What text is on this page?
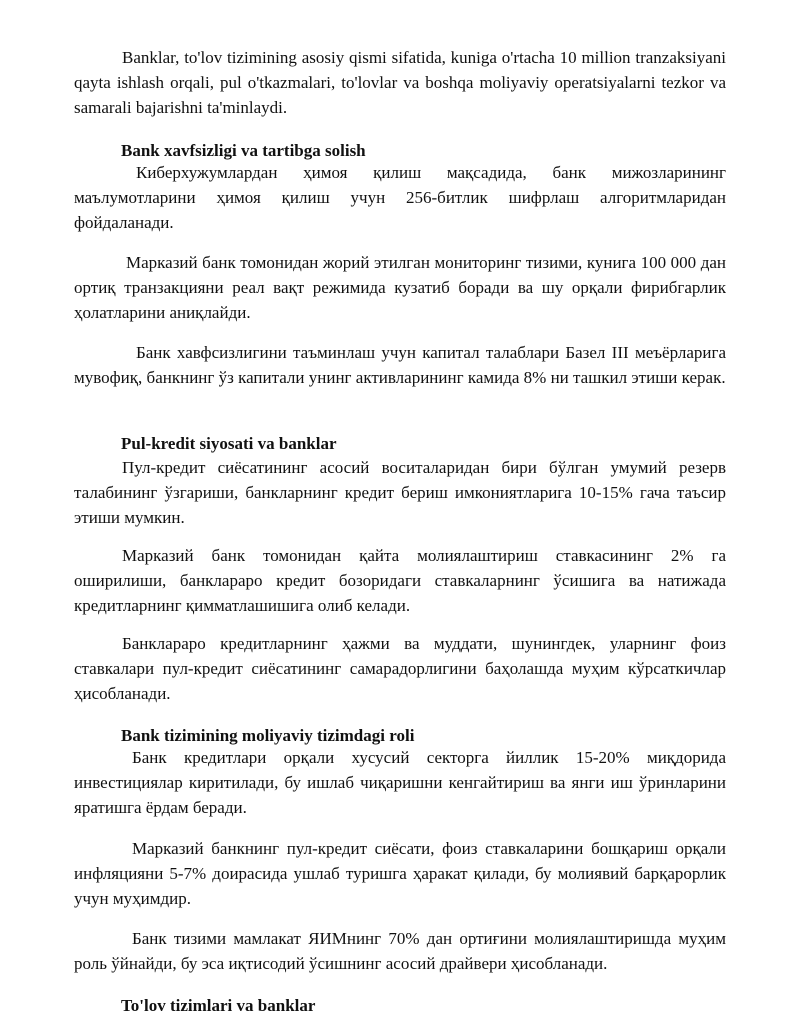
Banklar, to'lov tizimining asosiy qismi sifatida, kuniga o'rtacha 10 million tranzaksiyani qayta ishlash orqali, pul o'tkazmalari, to'lovlar va boshqa moliyaviy operatsiyalarni tezkor va samarali bajarishni ta'minlaydi.

Bank xavfsizligi va tartibga solish

Киберхужумлардан ҳимоя қилиш мақсадида, банк мижозларининг маълумотларини ҳимоя қилиш учун 256-битлик шифрлаш алгоритмларидан фойдаланади.

Марказий банк томонидан жорий этилган мониторинг тизими, кунига 100 000 дан ортиқ транзакцияни реал вақт режимида кузатиб боради ва шу орқали фирибгарлик ҳолатларини аниқлайди.

Банк хавфсизлигини таъминлаш учун капитал талаблари Базел III меъёрларига мувофиқ, банкнинг ўз капитали унинг активларининг камида 8% ни ташкил этиши керак.

Pul-kredit siyosati va banklar

Пул-кредит сиёсатининг асосий воситаларидан бири бўлган умумий резерв талабининг ўзгариши, банкларнинг кредит бериш имкониятларига 10-15% гача таъсир этиши мумкин.

Марказий банк томонидан қайта молиялаштириш ставкасининг 2% га оширилиши, банклараро кредит бозоридаги ставкаларнинг ўсишига ва натижада кредитларнинг қимматлашишига олиб келади.

Банклараро кредитларнинг ҳажми ва муддати, шунингдек, уларнинг фоиз ставкалари пул-кредит сиёсатининг самарадорлигини баҳолашда муҳим кўрсаткичлар ҳисобланади.

Bank tizimining moliyaviy tizimdagi roli

Банк кредитлари орқали хусусий секторга йиллик 15-20% миқдорида инвестициялар киритилади, бу ишлаб чиқаришни кенгайтириш ва янги иш ўринларини яратишга ёрдам беради.

Марказий банкнинг пул-кредит сиёсати, фоиз ставкаларини бошқариш орқали инфляцияни 5-7% доирасида ушлаб туришга ҳаракат қилади, бу молиявий барқарорлик учун муҳимдир.

Банк тизими мамлакат ЯИМнинг 70% дан ортиғини молиялаштиришда муҳим роль ўйнайди, бу эса иқтисодий ўсишнинг асосий драйвери ҳисобланади.

To'lov tizimlari va banklar
